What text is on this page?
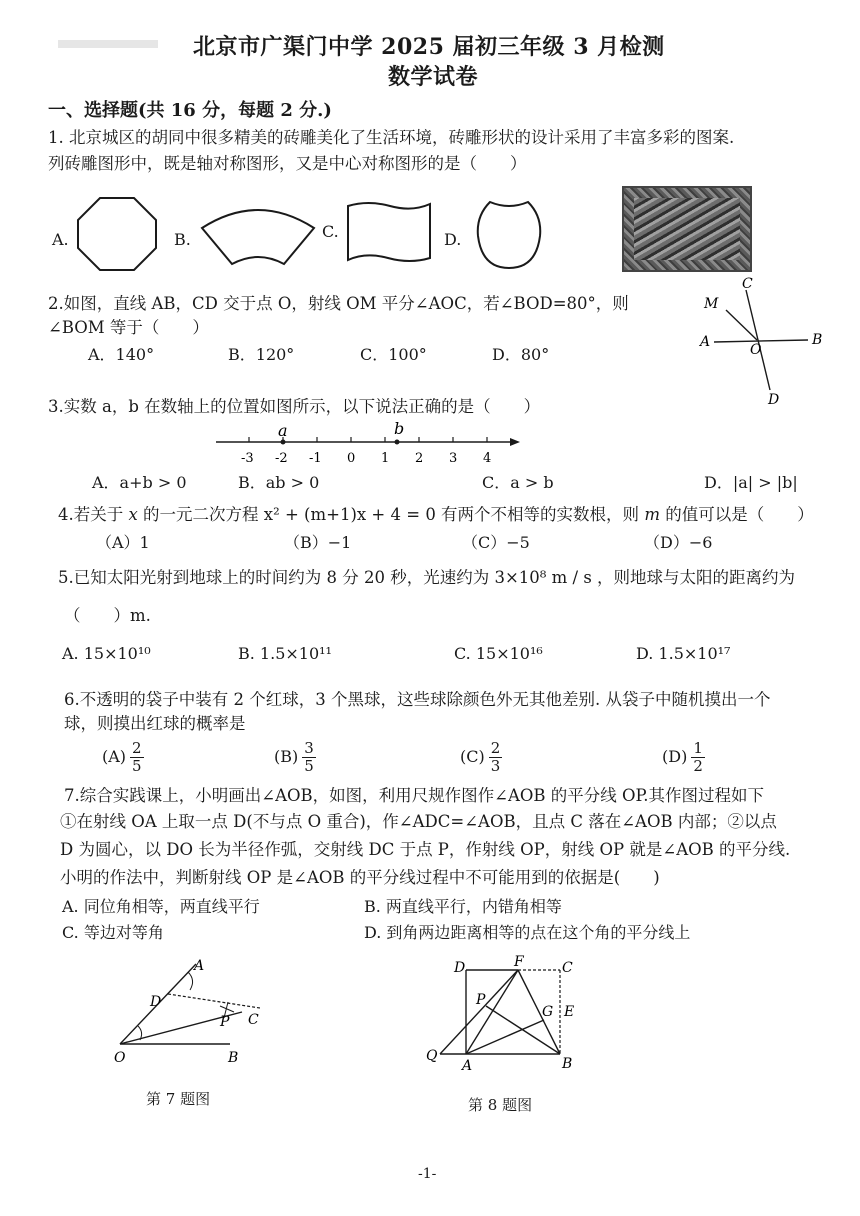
北京市广渠门中学 2025 届初三年级 3 月检测
数学试卷
一、选择题(共 16 分，每题 2 分.)
1. 北京城区的胡同中很多精美的砖雕美化了生活环境，砖雕形状的设计采用了丰富多彩的图案.
列砖雕图形中，既是轴对称图形，又是中心对称图形的是（　　）
A.	B.	C.	D.
2.如图，直线 AB，CD 交于点 O，射线 OM 平分∠AOC，若∠BOD=80°，则
∠BOM 等于（　　）
A．140°	B．120°	C．100°	D．80°
M
C
A	O
B
D
3.实数 a，b 在数轴上的位置如图所示，以下说法正确的是（　　）
-3 -2 -1 0 1 2 3 4
a	b
A．a+b > 0	B．ab > 0	C．a > b	D．|a| > |b|
4.若关于 x 的一元二次方程 x² + (m+1)x + 4 = 0 有两个不相等的实数根，则 m 的值可以是（　　）
（A）1	（B）−1	（C）−5	（D）−6
5.已知太阳光射到地球上的时间约为 8 分 20 秒，光速约为 3×10⁸ m / s ，则地球与太阳的距离约为
（　　）m.
A. 15×10¹⁰	B. 1.5×10¹¹	C. 15×10¹⁶	D. 1.5×10¹⁷
6.不透明的袋子中装有 2 个红球，3 个黑球，这些球除颜色外无其他差别. 从袋子中随机摸出一个
球，则摸出红球的概率是
$(A) \frac{2}{5}$	$(B) \frac{3}{5}$	$(C) \frac{2}{3}$	$(D) \frac{1}{2}$
7.综合实践课上，小明画出∠AOB，如图，利用尺规作图作∠AOB 的平分线 OP.其作图过程如下
①在射线 OA 上取一点 D(不与点 O 重合)，作∠ADC=∠AOB，且点 C 落在∠AOB 内部；②以点
D 为圆心，以 DO 长为半径作弧，交射线 DC 于点 P，作射线 OP，射线 OP 就是∠AOB 的平分线.
小明的作法中，判断射线 OP 是∠AOB 的平分线过程中不可能用到的依据是(　　)
A. 同位角相等，两直线平行	B. 两直线平行，内错角相等
C. 等边对等角	D. 到角两边距离相等的点在这个角的平分线上
A
D
P C
O	B
第 7 题图
D	F	C
P
G E
Q
A	B
第 8 题图
-1-
